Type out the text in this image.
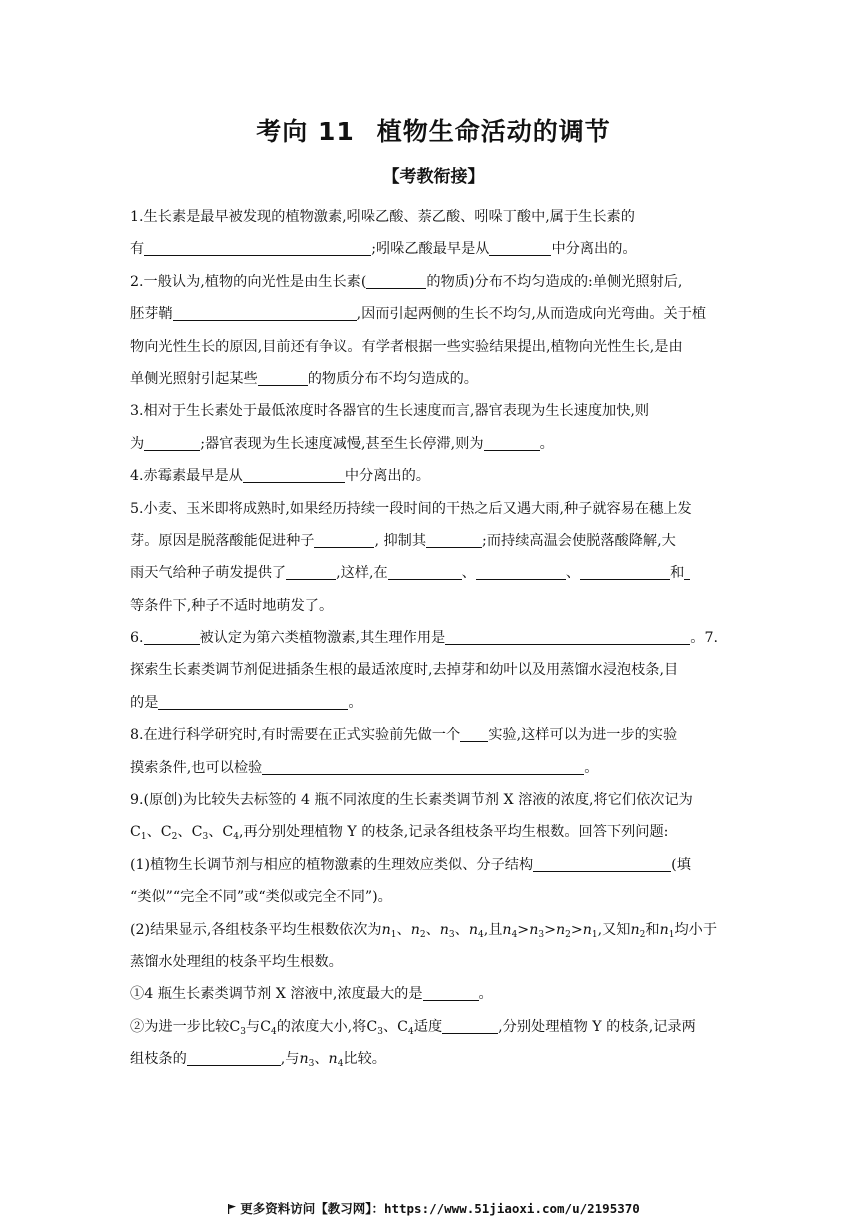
考向 11 植物生命活动的调节
【考教衔接】
1.生长素是最早被发现的植物激素,吲哚乙酸、萘乙酸、吲哚丁酸中,属于生长素的
有	;吲哚乙酸最早是从	中分离出的。
2.一般认为,植物的向光性是由生长素(	的物质)分布不均匀造成的:单侧光照射后,
胚芽鞘	,因而引起两侧的生长不均匀,从而造成向光弯曲。关于植
物向光性生长的原因,目前还有争议。有学者根据一些实验结果提出,植物向光性生长,是由
单侧光照射引起某些	的物质分布不均匀造成的。
3.相对于生长素处于最低浓度时各器官的生长速度而言,器官表现为生长速度加快,则
为	;器官表现为生长速度减慢,甚至生长停滞,则为	。
4.赤霉素最早是从	中分离出的。
5.小麦、玉米即将成熟时,如果经历持续一段时间的干热之后又遇大雨,种子就容易在穗上发
芽。原因是脱落酸能促进种子	, 抑制其	;而持续高温会使脱落酸降解,大
雨天气给种子萌发提供了	,这样,在	、	、	和
等条件下,种子不适时地萌发了。
6.	被认定为第六类植物激素,其生理作用是	。7.
探索生长素类调节剂促进插条生根的最适浓度时,去掉芽和幼叶以及用蒸馏水浸泡枝条,目
的是	。
8.在进行科学研究时,有时需要在正式实验前先做一个 实验,这样可以为进一步的实验
摸索条件,也可以检验	。
9.(原创)为比较失去标签的 4 瓶不同浓度的生长素类调节剂 X 溶液的浓度,将它们依次记为
$C_1$、$C_2$、$C_3$、$C_4$,再分别处理植物 Y 的枝条,记录各组枝条平均生根数。回答下列问题:
(1)植物生长调节剂与相应的植物激素的生理效应类似、分子结构	(填
“类似”“完全不同”或“类似或完全不同”)。
(2)结果显示,各组枝条平均生根数依次为$n_1$、$n_2$、$n_3$、$n_4$,且$n_4>n_3>n_2>n_1$,又知$n_2$和$n_1$均小于
蒸馏水处理组的枝条平均生根数。
①4 瓶生长素类调节剂 X 溶液中,浓度最大的是	。
②为进一步比较$C_3$与$C_4$的浓度大小,将$C_3$、$C_4$适度	,分别处理植物 Y 的枝条,记录两
组枝条的	,与$n_3$、$n_4$比较。
更多资料访问【教习网】：https://www.51jiaoxi.com/u/2195370
